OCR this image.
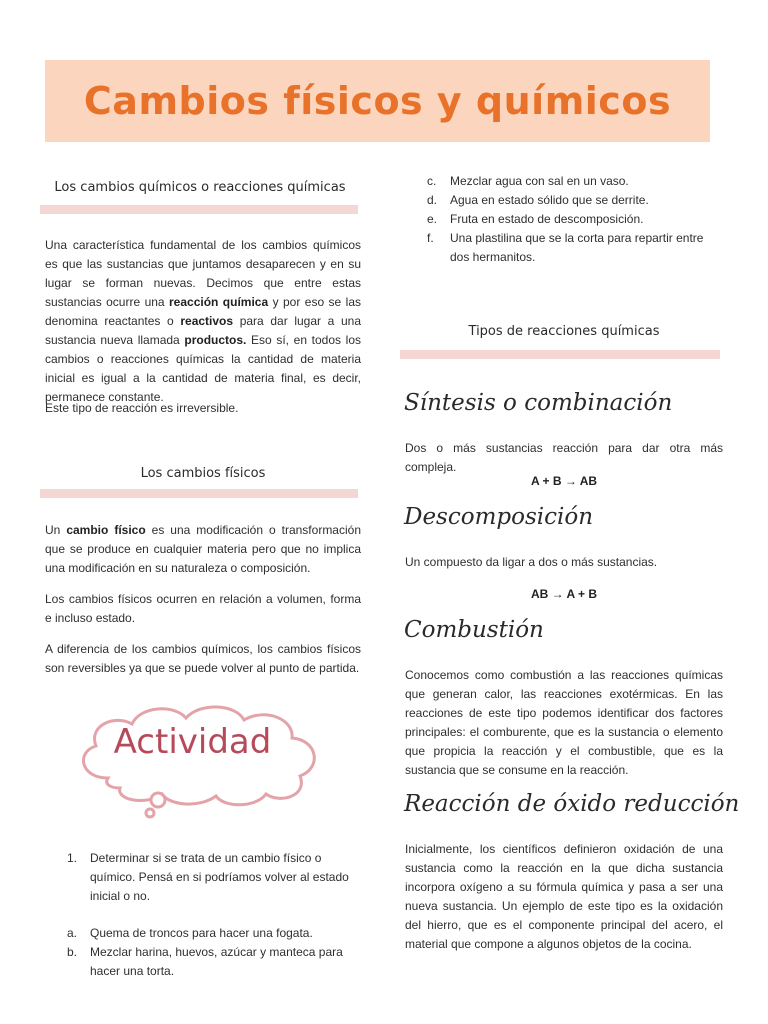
Cambios físicos y químicos
Los cambios químicos o reacciones químicas

Una característica fundamental de los cambios químicos es que las sustancias que juntamos desaparecen y en su lugar se forman nuevas. Decimos que entre estas sustancias ocurre una reacción química y por eso se las denomina reactantes o reactivos para dar lugar a una sustancia nueva llamada productos. Eso sí, en todos los cambios o reacciones químicas la cantidad de materia inicial es igual a la cantidad de materia final, es decir, permanece constante.

Este tipo de reacción es irreversible.

Los cambios físicos

Un cambio físico es una modificación o transformación que se produce en cualquier materia pero que no implica una modificación en su naturaleza o composición.

Los cambios físicos ocurren en relación a volumen, forma e incluso estado.

A diferencia de los cambios químicos, los cambios físicos son reversibles ya que se puede volver al punto de partida.

Actividad
1. Determinar si se trata de un cambio físico o químico. Pensá en si podríamos volver al estado inicial o no.
a. Quema de troncos para hacer una fogata.
b. Mezclar harina, huevos, azúcar y manteca para hacer una torta.
c. Mezclar agua con sal en un vaso.
d. Agua en estado sólido que se derrite.
e. Fruta en estado de descomposición.
f. Una plastilina que se la corta para repartir entre dos hermanitos.
Tipos de reacciones químicas
Síntesis o combinación

Dos o más sustancias reacción para dar otra más compleja.

A + B → AB
Descomposición

Un compuesto da ligar a dos o más sustancias.

AB → A + B
Combustión

Conocemos como combustión a las reacciones químicas que generan calor, las reacciones exotérmicas. En las reacciones de este tipo podemos identificar dos factores principales: el comburente, que es la sustancia o elemento que propicia la reacción y el combustible, que es la sustancia que se consume en la reacción.

Reacción de óxido reducción

Inicialmente, los científicos definieron oxidación de una sustancia como la reacción en la que dicha sustancia incorpora oxígeno a su fórmula química y pasa a ser una nueva sustancia. Un ejemplo de este tipo es la oxidación del hierro, que es el componente principal del acero, el material que compone a algunos objetos de la cocina.
